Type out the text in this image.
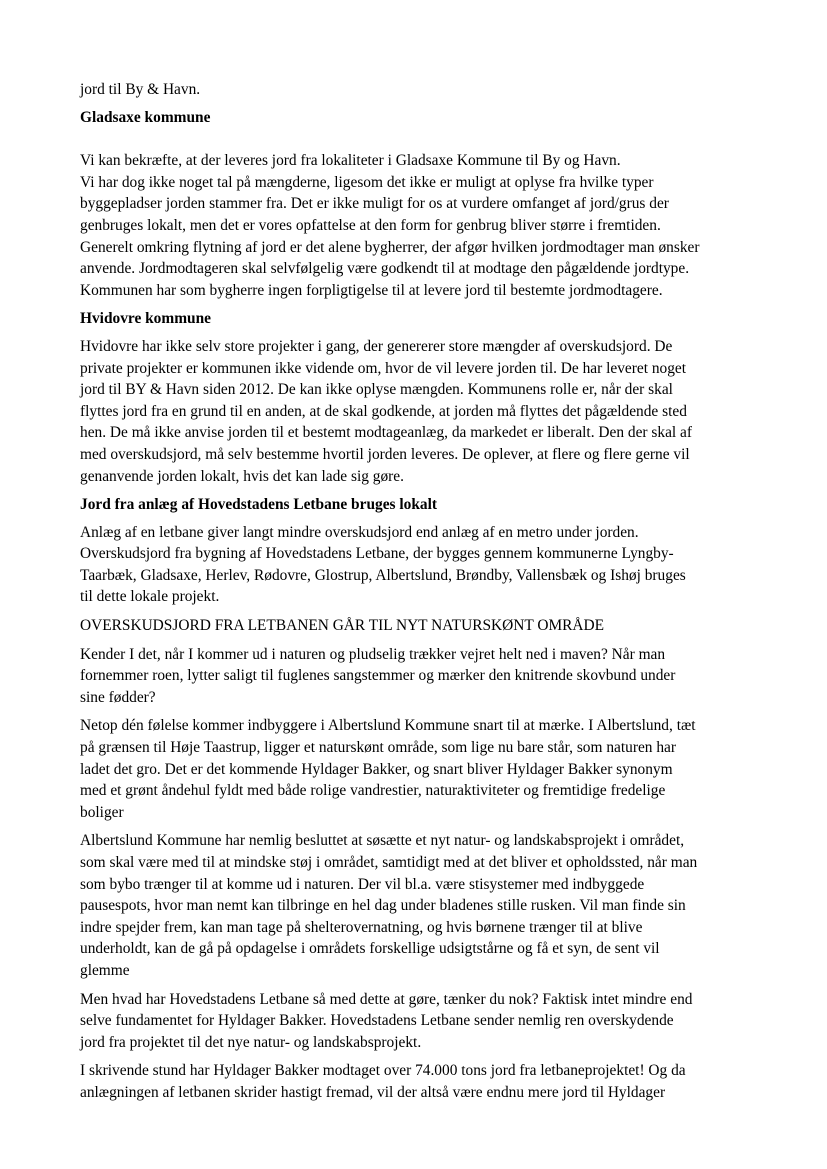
jord til By & Havn.

Gladsaxe kommune

Vi kan bekræfte, at der leveres jord fra lokaliteter i Gladsaxe Kommune til By og Havn.
Vi har dog ikke noget tal på mængderne, ligesom det ikke er muligt at oplyse fra hvilke typer
byggepladser jorden stammer fra. Det er ikke muligt for os at vurdere omfanget af jord/grus der
genbruges lokalt, men det er vores opfattelse at den form for genbrug bliver større i fremtiden.
Generelt omkring flytning af jord er det alene bygherrer, der afgør hvilken jordmodtager man ønsker
anvende. Jordmodtageren skal selvfølgelig være godkendt til at modtage den pågældende jordtype.
Kommunen har som bygherre ingen forpligtigelse til at levere jord til bestemte jordmodtagere.

Hvidovre kommune

Hvidovre har ikke selv store projekter i gang, der genererer store mængder af overskudsjord. De
private projekter er kommunen ikke vidende om, hvor de vil levere jorden til. De har leveret noget
jord til BY & Havn siden 2012. De kan ikke oplyse mængden. Kommunens rolle er, når der skal
flyttes jord fra en grund til en anden, at de skal godkende, at jorden må flyttes det pågældende sted
hen. De må ikke anvise jorden til et bestemt modtageanlæg, da markedet er liberalt. Den der skal af
med overskudsjord, må selv bestemme hvortil jorden leveres. De oplever, at flere og flere gerne vil
genanvende jorden lokalt, hvis det kan lade sig gøre.

Jord fra anlæg af Hovedstadens Letbane bruges lokalt

Anlæg af en letbane giver langt mindre overskudsjord end anlæg af en metro under jorden.
Overskudsjord fra bygning af Hovedstadens Letbane, der bygges gennem kommunerne Lyngby-
Taarbæk, Gladsaxe, Herlev, Rødovre, Glostrup, Albertslund, Brøndby, Vallensbæk og Ishøj bruges
til dette lokale projekt.

OVERSKUDSJORD FRA LETBANEN GÅR TIL NYT NATURSKØNT OMRÅDE

Kender I det, når I kommer ud i naturen og pludselig trækker vejret helt ned i maven? Når man
fornemmer roen, lytter saligt til fuglenes sangstemmer og mærker den knitrende skovbund under
sine fødder?

Netop dén følelse kommer indbyggere i Albertslund Kommune snart til at mærke. I Albertslund, tæt
på grænsen til Høje Taastrup, ligger et naturskønt område, som lige nu bare står, som naturen har
ladet det gro. Det er det kommende Hyldager Bakker, og snart bliver Hyldager Bakker synonym
med et grønt åndehul fyldt med både rolige vandrestier, naturaktiviteter og fremtidige fredelige
boliger

Albertslund Kommune har nemlig besluttet at søsætte et nyt natur- og landskabsprojekt i området,
som skal være med til at mindske støj i området, samtidigt med at det bliver et opholdssted, når man
som bybo trænger til at komme ud i naturen. Der vil bl.a. være stisystemer med indbyggede
pausespots, hvor man nemt kan tilbringe en hel dag under bladenes stille rusken. Vil man finde sin
indre spejder frem, kan man tage på shelterovernatning, og hvis børnene trænger til at blive
underholdt, kan de gå på opdagelse i områdets forskellige udsigtstårne og få et syn, de sent vil
glemme

Men hvad har Hovedstadens Letbane så med dette at gøre, tænker du nok? Faktisk intet mindre end
selve fundamentet for Hyldager Bakker. Hovedstadens Letbane sender nemlig ren overskydende
jord fra projektet til det nye natur- og landskabsprojekt.

I skrivende stund har Hyldager Bakker modtaget over 74.000 tons jord fra letbaneprojektet! Og da
anlægningen af letbanen skrider hastigt fremad, vil der altså være endnu mere jord til Hyldager
